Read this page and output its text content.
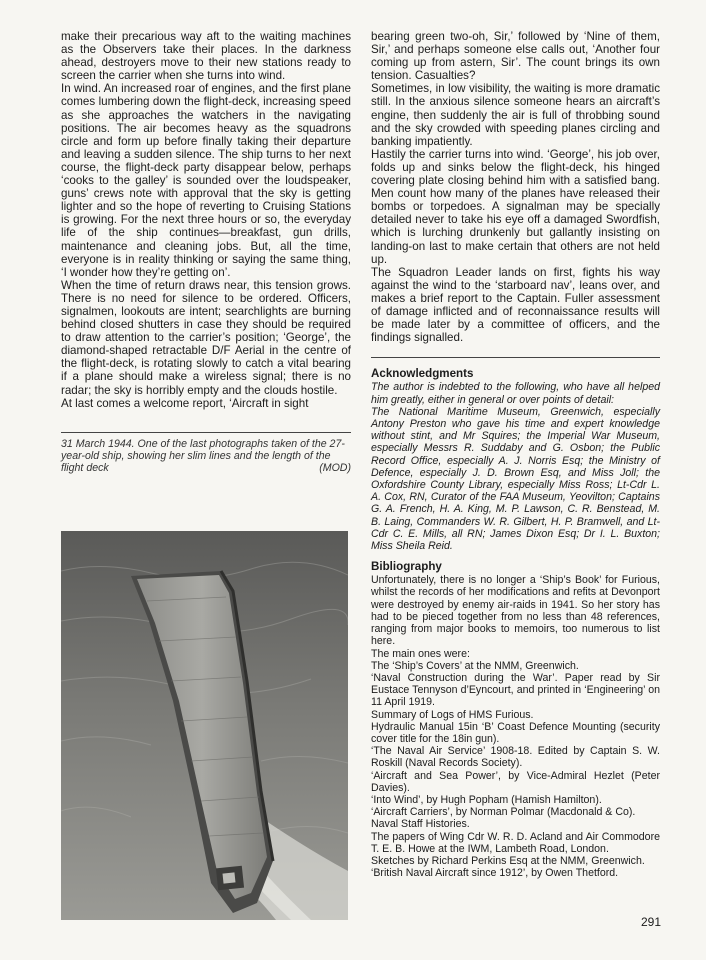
make their precarious way aft to the waiting machines as the Observers take their places. In the darkness ahead, destroyers move to their new stations ready to screen the carrier when she turns into wind.

In wind. An increased roar of engines, and the first plane comes lumbering down the flight-deck, increasing speed as she approaches the watchers in the navigating positions. The air becomes heavy as the squadrons circle and form up before finally taking their departure and leaving a sudden silence. The ship turns to her next course, the flight-deck party disappear below, perhaps ‘cooks to the galley’ is sounded over the loudspeaker, guns’ crews note with approval that the sky is getting lighter and so the hope of reverting to Cruising Stations is growing. For the next three hours or so, the everyday life of the ship continues—breakfast, gun drills, maintenance and cleaning jobs. But, all the time, everyone is in reality thinking or saying the same thing, ‘I wonder how they’re getting on’.

When the time of return draws near, this tension grows. There is no need for silence to be ordered. Officers, signalmen, lookouts are intent; searchlights are burning behind closed shutters in case they should be required to draw attention to the carrier’s position; ‘George’, the diamond-shaped retractable D/F Aerial in the centre of the flight-deck, is rotating slowly to catch a vital bearing if a plane should make a wireless signal; there is no radar; the sky is horribly empty and the clouds hostile.

At last comes a welcome report, ‘Aircraft in sight

31 March 1944. One of the last photographs taken of the 27-year-old ship, showing her slim lines and the length of the flight deck	(MOD)

bearing green two-oh, Sir,’ followed by ‘Nine of them, Sir,’ and perhaps someone else calls out, ‘Another four coming up from astern, Sir’. The count brings its own tension. Casualties?

Sometimes, in low visibility, the waiting is more dramatic still. In the anxious silence someone hears an aircraft’s engine, then suddenly the air is full of throbbing sound and the sky crowded with speeding planes circling and banking impatiently.

Hastily the carrier turns into wind. ‘George’, his job over, folds up and sinks below the flight-deck, his hinged covering plate closing behind him with a satisfied bang. Men count how many of the planes have released their bombs or torpedoes. A signalman may be specially detailed never to take his eye off a damaged Swordfish, which is lurching drunkenly but gallantly insisting on landing-on last to make certain that others are not held up.

The Squadron Leader lands on first, fights his way against the wind to the ‘starboard nav’, leans over, and makes a brief report to the Captain. Fuller assessment of damage inflicted and of reconnaissance results will be made later by a committee of officers, and the findings signalled.

Acknowledgments

The author is indebted to the following, who have all helped him greatly, either in general or over points of detail:

The National Maritime Museum, Greenwich, especially Antony Preston who gave his time and expert knowledge without stint, and Mr Squires; the Imperial War Museum, especially Messrs R. Suddaby and G. Osbon; the Public Record Office, especially A. J. Norris Esq; the Ministry of Defence, especially J. D. Brown Esq, and Miss Joll; the Oxfordshire County Library, especially Miss Ross; Lt-Cdr L. A. Cox, RN, Curator of the FAA Museum, Yeovilton; Captains G. A. French, H. A. King, M. P. Lawson, C. R. Benstead, M. B. Laing, Commanders W. R. Gilbert, H. P. Bramwell, and Lt-Cdr C. E. Mills, all RN; James Dixon Esq; Dr I. L. Buxton; Miss Sheila Reid.

Bibliography

Unfortunately, there is no longer a ‘Ship’s Book’ for Furious, whilst the records of her modifications and refits at Devonport were destroyed by enemy air-raids in 1941. So her story has had to be pieced together from no less than 48 references, ranging from major books to memoirs, too numerous to list here.

The main ones were:

The ‘Ship’s Covers’ at the NMM, Greenwich.

‘Naval Construction during the War’. Paper read by Sir Eustace Tennyson d’Eyncourt, and printed in ‘Engineering’ on 11 April 1919.

Summary of Logs of HMS Furious.

Hydraulic Manual 15in ‘B’ Coast Defence Mounting (security cover title for the 18in gun).

‘The Naval Air Service’ 1908-18. Edited by Captain S. W. Roskill (Naval Records Society).

‘Aircraft and Sea Power’, by Vice-Admiral Hezlet (Peter Davies).

‘Into Wind’, by Hugh Popham (Hamish Hamilton).

‘Aircraft Carriers’, by Norman Polmar (Macdonald & Co).

Naval Staff Histories.

The papers of Wing Cdr W. R. D. Acland and Air Commodore T. E. B. Howe at the IWM, Lambeth Road, London.

Sketches by Richard Perkins Esq at the NMM, Greenwich.

‘British Naval Aircraft since 1912’, by Owen Thetford.

291
